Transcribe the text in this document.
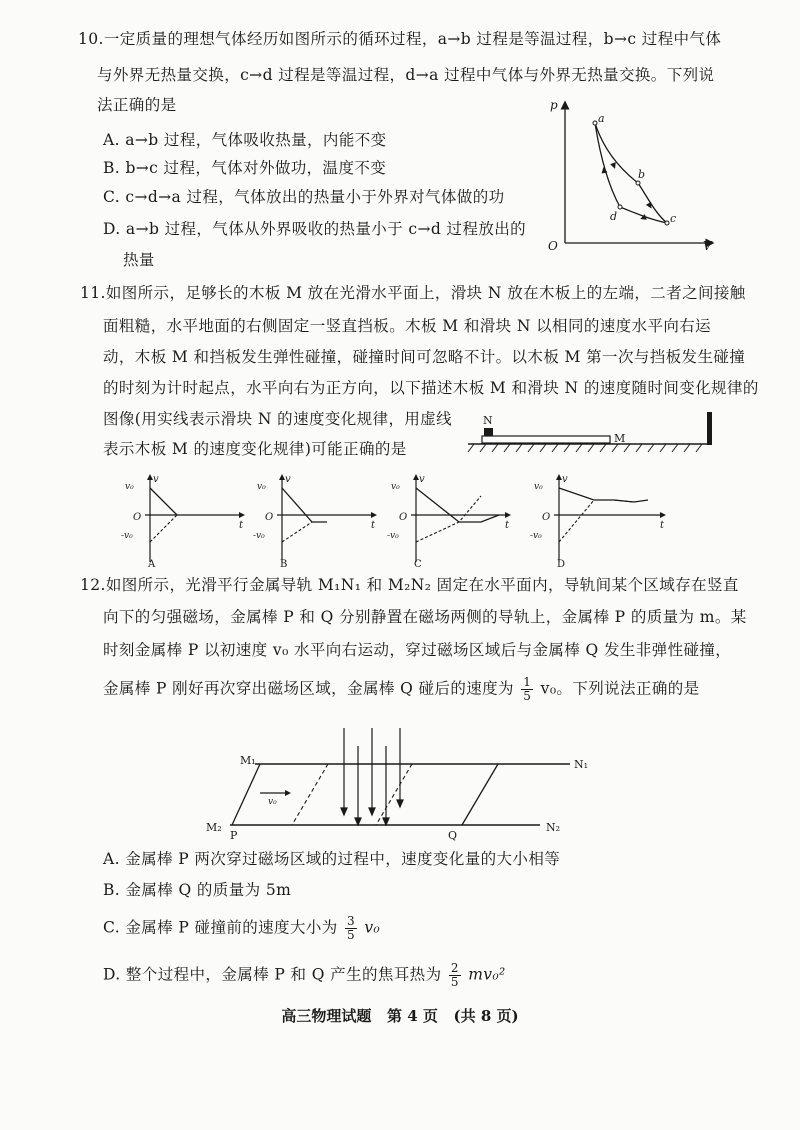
10.一定质量的理想气体经历如图所示的循环过程，a→b 过程是等温过程，b→c 过程中气体
与外界无热量交换，c→d 过程是等温过程，d→a 过程中气体与外界无热量交换。下列说
法正确的是
A. a→b 过程，气体吸收热量，内能不变
B. b→c 过程，气体对外做功，温度不变
C. c→d→a 过程，气体放出的热量小于外界对气体做的功
D. a→b 过程，气体从外界吸收的热量小于 c→d 过程放出的
热量
p
V
O
a
b
c
d
11.如图所示，足够长的木板 M 放在光滑水平面上，滑块 N 放在木板上的左端，二者之间接触
面粗糙，水平地面的右侧固定一竖直挡板。木板 M 和滑块 N 以相同的速度水平向右运
动，木板 M 和挡板发生弹性碰撞，碰撞时间可忽略不计。以木板 M 第一次与挡板发生碰撞
的时刻为计时起点，水平向右为正方向，以下描述木板 M 和滑块 N 的速度随时间变化规律的
图像(用实线表示滑块 N 的速度变化规律，用虚线
表示木板 M 的速度变化规律)可能正确的是
N
M
v
t
v₀
O
-v₀
A
v
t
v₀
O
-v₀
B
v
t
v₀
O
-v₀
C
v
t
v₀
O
-v₀
D
12.如图所示，光滑平行金属导轨 M₁N₁ 和 M₂N₂ 固定在水平面内，导轨间某个区域存在竖直
向下的匀强磁场，金属棒 P 和 Q 分别静置在磁场两侧的导轨上，金属棒 P 的质量为 m。某
时刻金属棒 P 以初速度 v₀ 水平向右运动，穿过磁场区域后与金属棒 Q 发生非弹性碰撞，
金属棒 P 刚好再次穿出磁场区域，金属棒 Q 碰后的速度为 $\frac{1}{5} v_0$。下列说法正确的是
M₁	N₁
M₂	N₂
P	Q
v₀
A. 金属棒 P 两次穿过磁场区域的过程中，速度变化量的大小相等
B. 金属棒 Q 的质量为 5m
C. 金属棒 P 碰撞前的速度大小为 $\frac{3}{5} v_0$
D. 整个过程中，金属棒 P 和 Q 产生的焦耳热为 $\frac{2}{5} mv_0^2$
高三物理试题   第 4 页   (共 8 页)
